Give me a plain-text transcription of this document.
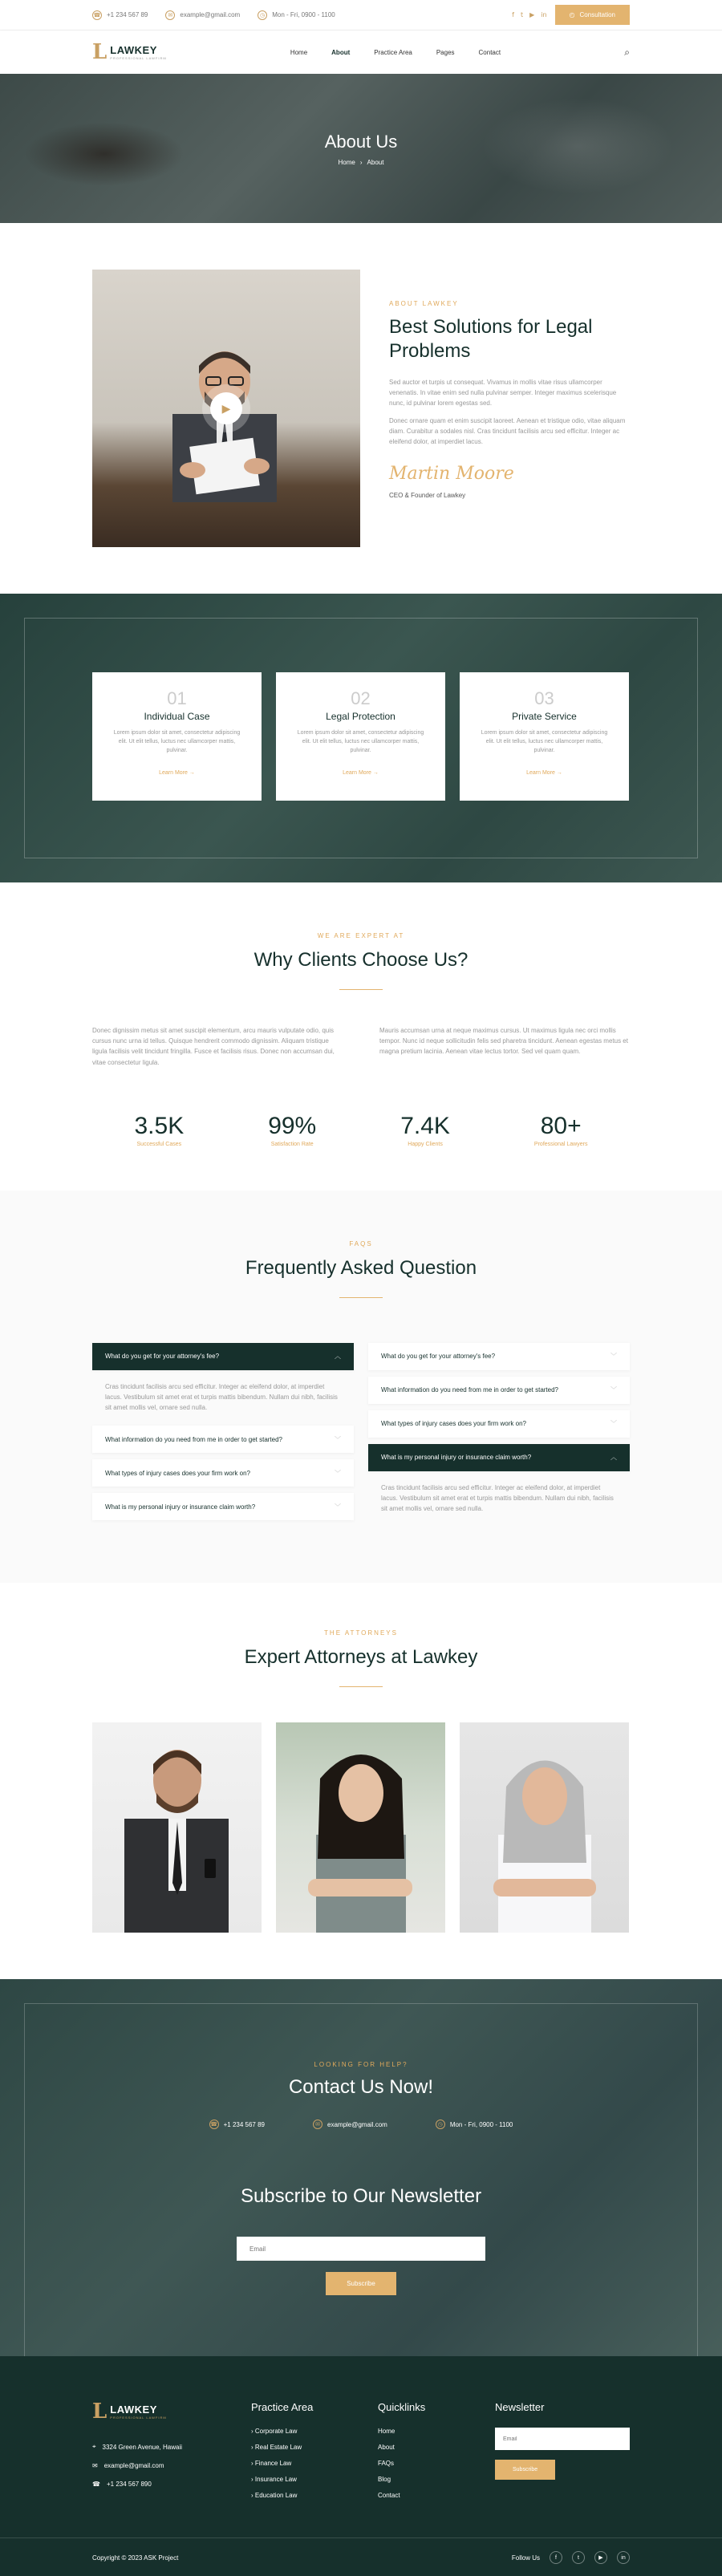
☎ +1 234 567 89	✉	example@gmail.com	◷	Mon - Fri, 0900 - 1100	f t ▶ in	◴ Consultation
L LAWKEY
PROFESSIONAL LAWFIRM
Home	About	Practice Area	Pages	Contact	⌕
About Us
Home › About
▶
ABOUT LAWKEY
Best Solutions for Legal Problems

Sed auctor et turpis ut consequat. Vivamus in mollis vitae risus ullamcorper venenatis. In vitae enim sed nulla pulvinar semper. Integer maximus scelerisque nunc, id pulvinar lorem egestas sed.

Donec ornare quam et enim suscipit laoreet. Aenean et tristique odio, vitae aliquam diam. Curabitur a sodales nisl. Cras tincidunt facilisis arcu sed efficitur. Integer ac eleifend dolor, at imperdiet lacus.

Martin Moore
CEO & Founder of Lawkey
01
Individual Case

Lorem ipsum dolor sit amet, consectetur adipiscing elit. Ut elit tellus, luctus nec ullamcorper mattis, pulvinar.

Learn More →
02
Legal Protection

Lorem ipsum dolor sit amet, consectetur adipiscing elit. Ut elit tellus, luctus nec ullamcorper mattis, pulvinar.

Learn More →
03
Private Service

Lorem ipsum dolor sit amet, consectetur adipiscing elit. Ut elit tellus, luctus nec ullamcorper mattis, pulvinar.

Learn More →
WE ARE EXPERT AT
Why Clients Choose Us?

Donec dignissim metus sit amet suscipit elementum, arcu mauris vulputate odio, quis cursus nunc urna id tellus. Quisque hendrerit commodo dignissim. Aliquam tristique ligula facilisis velit tincidunt fringilla. Fusce et facilisis risus. Donec non accumsan dui, vitae consectetur ligula.

Mauris accumsan urna at neque maximus cursus. Ut maximus ligula nec orci mollis tempor. Nunc id neque sollicitudin felis sed pharetra tincidunt. Aenean egestas metus et magna pretium lacinia. Aenean vitae lectus tortor. Sed vel quam quam.

3.5K
Successful Cases
99%
Satisfaction Rate
7.4K
Happy Clients
80+
Professional Lawyers
FAQS
Frequently Asked Question
What do you get for your attorney's fee?	︿
Cras tincidunt facilisis arcu sed efficitur. Integer ac eleifend dolor, at imperdiet lacus. Vestibulum sit amet erat et turpis mattis bibendum. Nullam dui nibh, facilisis sit amet mollis vel, ornare sed nulla.
What information do you need from me in order to get started?	﹀
What types of injury cases does your firm work on?	﹀
What is my personal injury or insurance claim worth?	﹀
What do you get for your attorney's fee?	﹀
What information do you need from me in order to get started?	﹀
What types of injury cases does your firm work on?	﹀
What is my personal injury or insurance claim worth?	︿
Cras tincidunt facilisis arcu sed efficitur. Integer ac eleifend dolor, at imperdiet lacus. Vestibulum sit amet erat et turpis mattis bibendum. Nullam dui nibh, facilisis sit amet mollis vel, ornare sed nulla.
THE ATTORNEYS
Expert Attorneys at Lawkey
LOOKING FOR HELP?
Contact Us Now!
☎ +1 234 567 89	✉	example@gmail.com	◷	Mon - Fri, 0900 - 1100
Subscribe to Our Newsletter
Email Subscribe
L LAWKEY
PROFESSIONAL LAWFIRM
⌖ 3324 Green Avenue, Hawaii
✉ example@gmail.com
☎ +1 234 567 890
Practice Area
› Corporate Law
› Real Estate Law
› Finance Law
› Insurance Law
› Education Law
Quicklinks
Home
About
FAQs
Blog
Contact
Newsletter
Email
Subscribe
Copyright © 2023 ASK Project	Follow Us	f	t	▶	in
